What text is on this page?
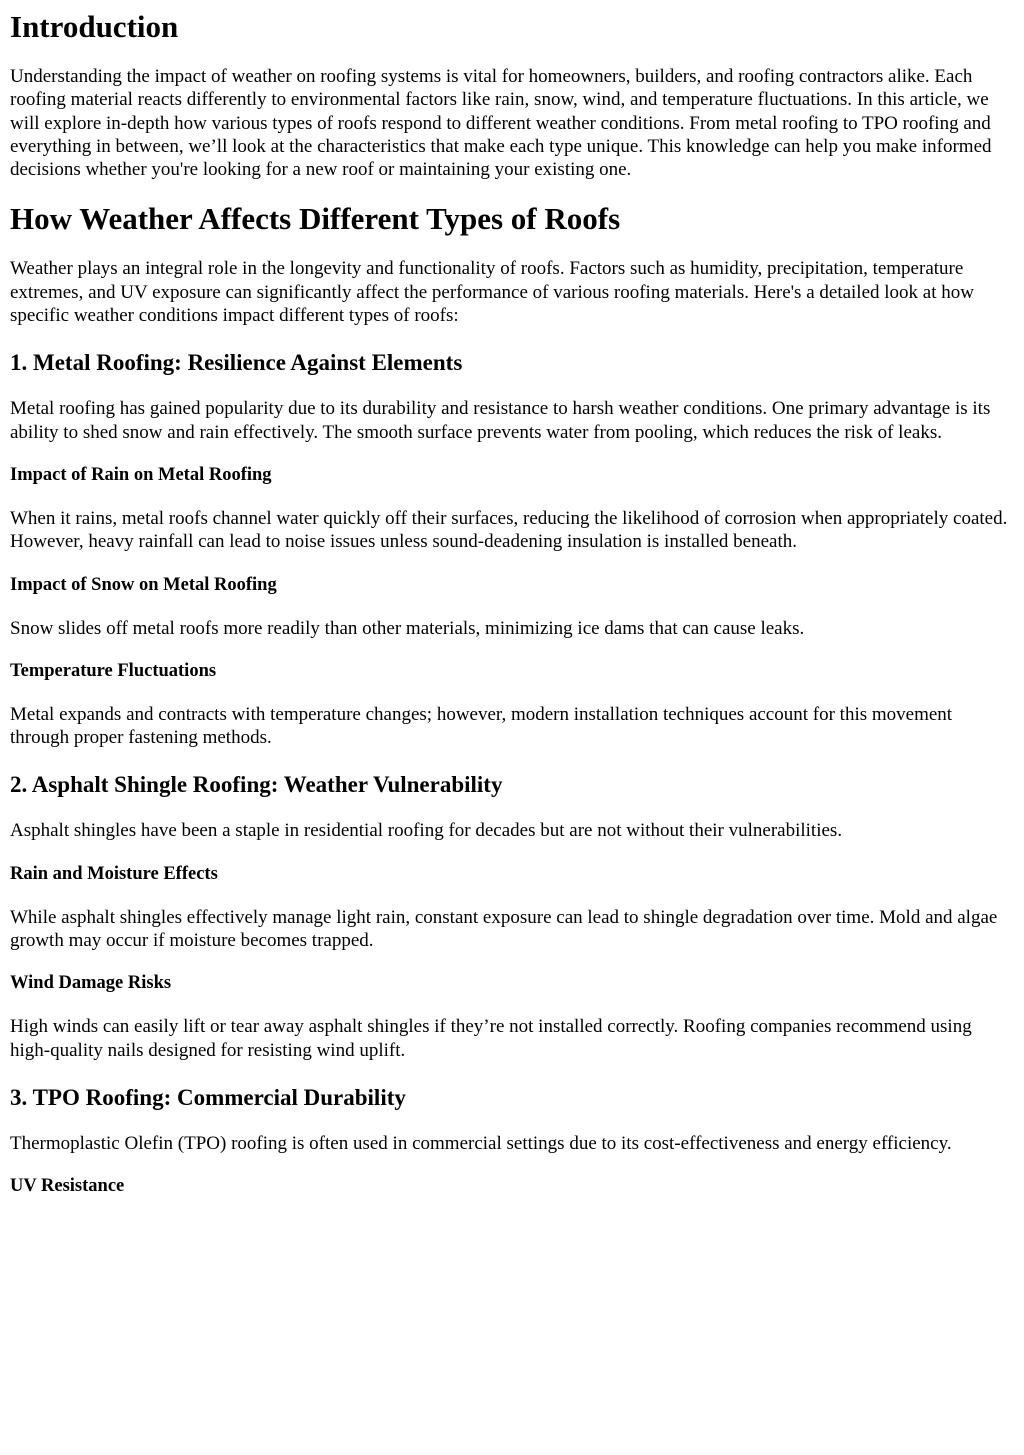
Introduction

Understanding the impact of weather on roofing systems is vital for homeowners, builders, and roofing contractors alike. Each roofing material reacts differently to environmental factors like rain, snow, wind, and temperature fluctuations. In this article, we will explore in-depth how various types of roofs respond to different weather conditions. From metal roofing to TPO roofing and everything in between, we’ll look at the characteristics that make each type unique. This knowledge can help you make informed decisions whether you're looking for a new roof or maintaining your existing one.

How Weather Affects Different Types of Roofs

Weather plays an integral role in the longevity and functionality of roofs. Factors such as humidity, precipitation, temperature extremes, and UV exposure can significantly affect the performance of various roofing materials. Here's a detailed look at how specific weather conditions impact different types of roofs:

1. Metal Roofing: Resilience Against Elements

Metal roofing has gained popularity due to its durability and resistance to harsh weather conditions. One primary advantage is its ability to shed snow and rain effectively. The smooth surface prevents water from pooling, which reduces the risk of leaks.

Impact of Rain on Metal Roofing

When it rains, metal roofs channel water quickly off their surfaces, reducing the likelihood of corrosion when appropriately coated. However, heavy rainfall can lead to noise issues unless sound-deadening insulation is installed beneath.

Impact of Snow on Metal Roofing

Snow slides off metal roofs more readily than other materials, minimizing ice dams that can cause leaks.

Temperature Fluctuations

Metal expands and contracts with temperature changes; however, modern installation techniques account for this movement through proper fastening methods.

2. Asphalt Shingle Roofing: Weather Vulnerability

Asphalt shingles have been a staple in residential roofing for decades but are not without their vulnerabilities.

Rain and Moisture Effects

While asphalt shingles effectively manage light rain, constant exposure can lead to shingle degradation over time. Mold and algae growth may occur if moisture becomes trapped.

Wind Damage Risks

High winds can easily lift or tear away asphalt shingles if they’re not installed correctly. Roofing companies recommend using high-quality nails designed for resisting wind uplift.

3. TPO Roofing: Commercial Durability

Thermoplastic Olefin (TPO) roofing is often used in commercial settings due to its cost-effectiveness and energy efficiency.

UV Resistance
